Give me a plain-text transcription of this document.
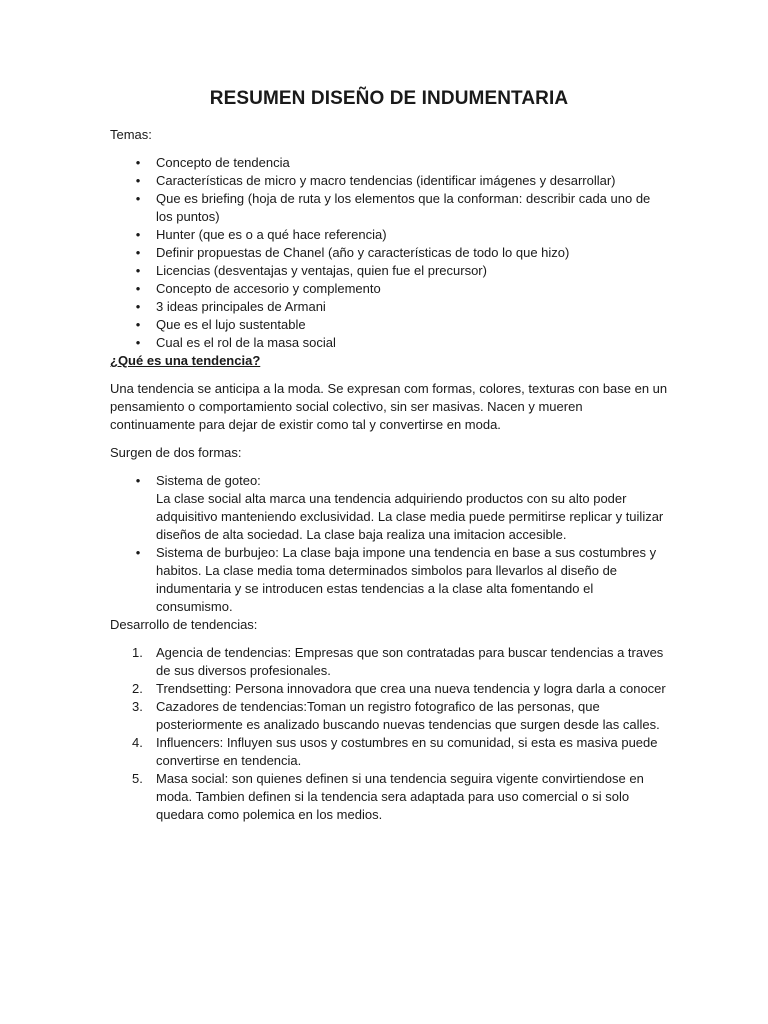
RESUMEN DISEÑO DE INDUMENTARIA

Temas:

• Concepto de tendencia
• Características de micro y macro tendencias (identificar imágenes y desarrollar)
• Que es briefing (hoja de ruta y los elementos que la conforman: describir cada uno de los puntos)
• Hunter (que es o a qué hace referencia)
• Definir propuestas de Chanel (año y características de todo lo que hizo)
• Licencias (desventajas y ventajas, quien fue el precursor)
• Concepto de accesorio y complemento
• 3 ideas principales de Armani
• Que es el lujo sustentable
• Cual es el rol de la masa social

¿Qué es una tendencia?

Una tendencia se anticipa a la moda. Se expresan com formas, colores, texturas con base en un pensamiento o comportamiento social colectivo, sin ser masivas. Nacen y mueren continuamente para dejar de existir como tal y convertirse en moda.

Surgen de dos formas:

• Sistema de goteo:
La clase social alta marca una tendencia adquiriendo productos con su alto poder adquisitivo manteniendo exclusividad. La clase media puede permitirse replicar y tuilizar diseños de alta sociedad. La clase baja realiza una imitacion accesible.
• Sistema de burbujeo: La clase baja impone una tendencia en base a sus costumbres y habitos. La clase media toma determinados simbolos para llevarlos al diseño de indumentaria y se introducen estas tendencias a la clase alta fomentando el consumismo.

Desarrollo de tendencias:

1. Agencia de tendencias: Empresas que son contratadas para buscar tendencias a traves de sus diversos profesionales.
2. Trendsetting: Persona innovadora que crea una nueva tendencia y logra darla a conocer
3. Cazadores de tendencias:Toman un registro fotografico de las personas, que posteriormente es analizado buscando nuevas tendencias que surgen desde las calles.
4. Influencers: Influyen sus usos y costumbres en su comunidad, si esta es masiva puede convertirse en tendencia.
5. Masa social: son quienes definen si una tendencia seguira vigente convirtiendose en moda. Tambien definen si la tendencia sera adaptada para uso comercial o si solo quedara como polemica en los medios.
